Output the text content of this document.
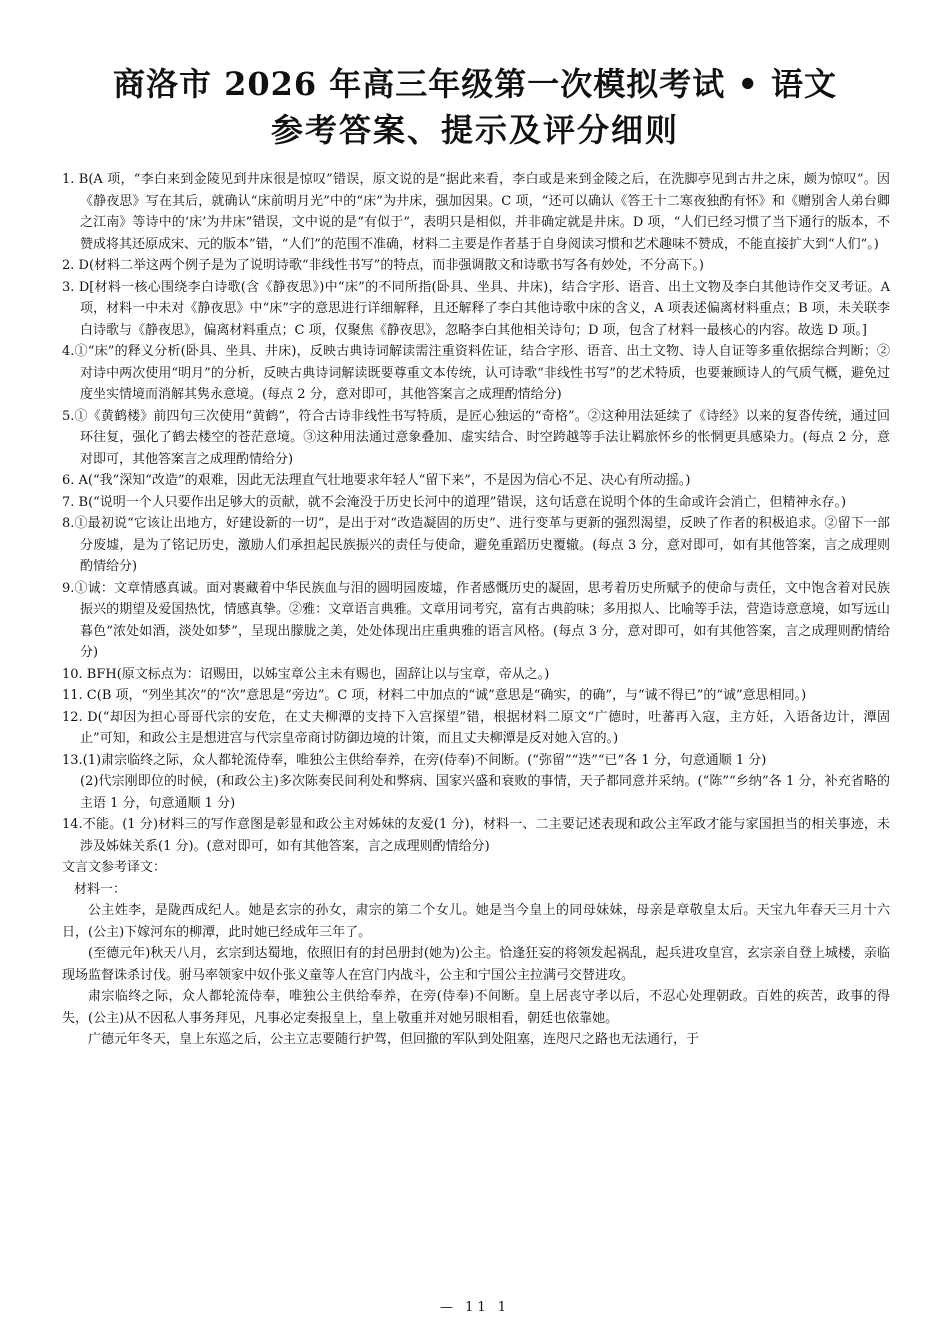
商洛市 2026 年高三年级第一次模拟考试 • 语文
参考答案、提示及评分细则

1. B(A 项，“李白来到金陵见到井床很是惊叹”错误，原文说的是“据此来看，李白或是来到金陵之后，在洗脚亭见到古井之床，颇为惊叹”。因《静夜思》写在其后，就确认“床前明月光”中的“床”为井床，强加因果。C 项，“还可以确认《答王十二寒夜独酌有怀》和《赠别舍人弟台卿之江南》等诗中的‘床’为井床”错误，文中说的是“有似于”，表明只是相似，并非确定就是井床。D 项，“人们已经习惯了当下通行的版本，不赞成将其还原成宋、元的版本”错，“人们”的范围不准确，材料二主要是作者基于自身阅读习惯和艺术趣味不赞成，不能直接扩大到“人们”。)

2. D(材料二举这两个例子是为了说明诗歌“非线性书写”的特点，而非强调散文和诗歌书写各有妙处，不分高下。)

3. D[材料一核心围绕李白诗歌(含《静夜思》)中“床”的不同所指(卧具、坐具、井床)，结合字形、语音、出土文物及李白其他诗作交叉考证。A 项，材料一中未对《静夜思》中“床”字的意思进行详细解释，且还解释了李白其他诗歌中床的含义，A 项表述偏离材料重点；B 项，未关联李白诗歌与《静夜思》，偏离材料重点；C 项，仅聚焦《静夜思》，忽略李白其他相关诗句；D 项，包含了材料一最核心的内容。故选 D 项。]

4.①“床”的释义分析(卧具、坐具、井床)，反映古典诗词解读需注重资料佐证，结合字形、语音、出土文物、诗人自证等多重依据综合判断；②对诗中两次使用“明月”的分析，反映古典诗词解读既要尊重文本传统，认可诗歌“非线性书写”的艺术特质，也要兼顾诗人的气质气概，避免过度坐实情境而消解其隽永意境。(每点 2 分，意对即可，其他答案言之成理酌情给分)

5.①《黄鹤楼》前四句三次使用“黄鹤”，符合古诗非线性书写特质，是匠心独运的“奇格”。②这种用法延续了《诗经》以来的复沓传统，通过回环往复，强化了鹤去楼空的苍茫意境。③这种用法通过意象叠加、虚实结合、时空跨越等手法让羁旅怀乡的怅惘更具感染力。(每点 2 分，意对即可，其他答案言之成理酌情给分)

6. A(“我”深知“改造”的艰难，因此无法理直气壮地要求年轻人“留下来”，不是因为信心不足、决心有所动摇。)

7. B(“说明一个人只要作出足够大的贡献，就不会淹没于历史长河中的道理”错误，这句话意在说明个体的生命或许会消亡，但精神永存。)

8.①最初说“它该让出地方，好建设新的一切”，是出于对“改造凝固的历史”、进行变革与更新的强烈渴望，反映了作者的积极追求。②留下一部分废墟，是为了铭记历史，激励人们承担起民族振兴的责任与使命，避免重蹈历史覆辙。(每点 3 分，意对即可，如有其他答案，言之成理则酌情给分)

9.①诚：文章情感真诚。面对裹藏着中华民族血与泪的圆明园废墟，作者感慨历史的凝固，思考着历史所赋予的使命与责任，文中饱含着对民族振兴的期望及爱国热忱，情感真挚。②雅：文章语言典雅。文章用词考究，富有古典韵味；多用拟人、比喻等手法，营造诗意意境，如写远山暮色“浓处如酒，淡处如梦”，呈现出朦胧之美，处处体现出庄重典雅的语言风格。(每点 3 分，意对即可，如有其他答案，言之成理则酌情给分)

10. BFH(原文标点为：诏赐田，以姊宝章公主未有赐也，固辞让以与宝章，帝从之。)

11. C(B 项，“列坐其次”的“次”意思是“旁边”。C 项，材料二中加点的“诚”意思是“确实，的确”，与“诚不得已”的“诚”意思相同。)

12. D(“却因为担心哥哥代宗的安危，在丈夫柳潭的支持下入宫探望”错，根据材料二原文“广德时，吐蕃再入寇，主方妊，入语备边计，潭固止”可知，和政公主是想进宫与代宗皇帝商讨防御边境的计策，而且丈夫柳潭是反对她入宫的。)

13.(1)肃宗临终之际，众人都轮流侍奉，唯独公主供给奉养，在旁(侍奉)不间断。(“弥留”“迭”“已”各 1 分，句意通顺 1 分)

(2)代宗刚即位的时候，(和政公主)多次陈奏民间利处和弊病、国家兴盛和衰败的事情，天子都同意并采纳。(“陈”“乡纳”各 1 分，补充省略的主语 1 分，句意通顺 1 分)

14.不能。(1 分)材料三的写作意图是彰显和政公主对姊妹的友爱(1 分)，材料一、二主要记述表现和政公主军政才能与家国担当的相关事迹，未涉及姊妹关系(1 分)。(意对即可，如有其他答案，言之成理则酌情给分)

文言文参考译文：

材料一：

公主姓李，是陇西成纪人。她是玄宗的孙女，肃宗的第二个女儿。她是当今皇上的同母妹妹，母亲是章敬皇太后。天宝九年春天三月十六日，(公主)下嫁河东的柳潭，此时她已经成年三年了。

(至德元年)秋天八月，玄宗到达蜀地，依照旧有的封邑册封(她为)公主。恰逢狂妄的将领发起祸乱，起兵进攻皇宫，玄宗亲自登上城楼，亲临现场监督诛杀讨伐。驸马率领家中奴仆张义童等人在宫门内战斗，公主和宁国公主拉满弓交替进攻。

肃宗临终之际，众人都轮流侍奉，唯独公主供给奉养，在旁(侍奉)不间断。皇上居丧守孝以后，不忍心处理朝政。百姓的疾苦，政事的得失，(公主)从不因私人事务拜见，凡事必定奏报皇上，皇上敬重并对她另眼相看，朝廷也依靠她。

广德元年冬天，皇上东巡之后，公主立志要随行护驾，但回撤的军队到处阻塞，连咫尺之路也无法通行，于

— 11 1
